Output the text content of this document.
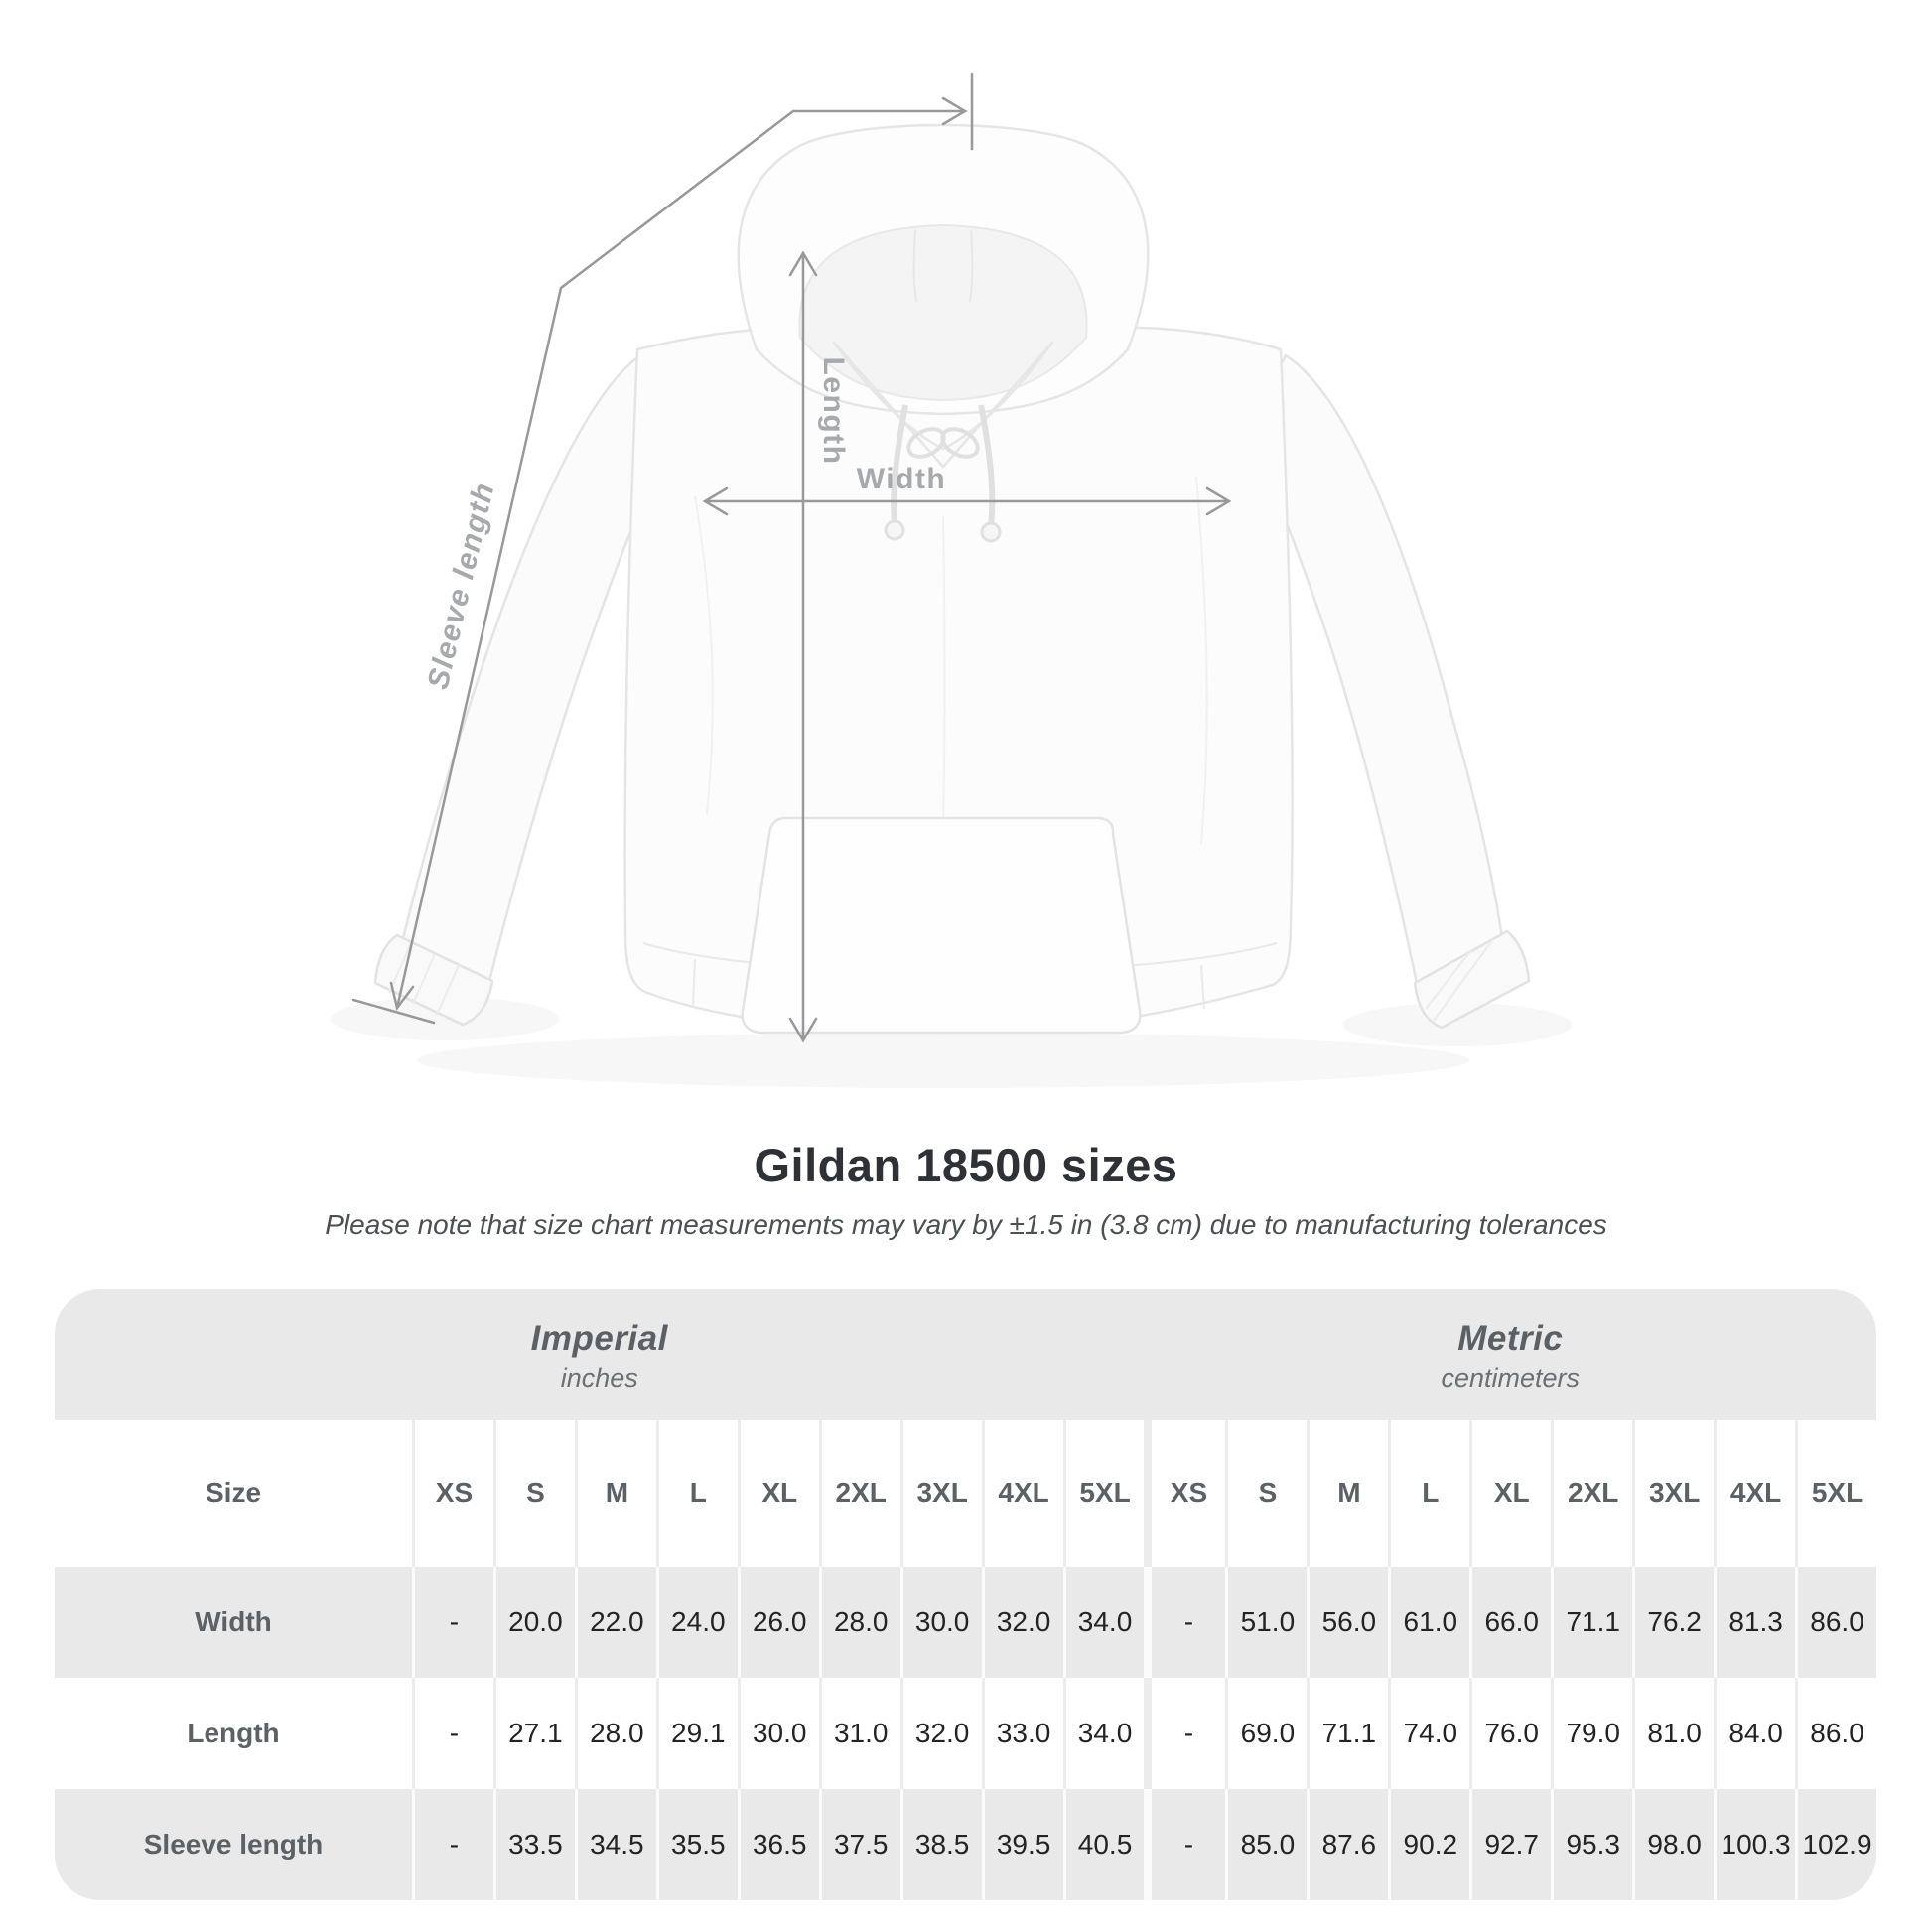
Width
Length
Sleeve length
Gildan 18500 sizes
Please note that size chart measurements may vary by ±1.5 in (3.8 cm) due to manufacturing tolerances
Imperial
inches
Metric
centimeters
Size	XS	S	M	L	XL	2XL	3XL	4XL	5XL	XS	S	M	L	XL	2XL	3XL	4XL	5XL
Width	-	20.0 22.0 24.0 26.0 28.0 30.0 32.0 34.0	-	51.0 56.0 61.0 66.0 71.1 76.2 81.3 86.0
Length	-	27.1 28.0 29.1 30.0 31.0 32.0 33.0 34.0	-	69.0 71.1 74.0 76.0 79.0 81.0 84.0 86.0
Sleeve length	-	33.5 34.5 35.5 36.5 37.5 38.5 39.5 40.5	-	85.0 87.6 90.2 92.7 95.3 98.0 100.3 102.9
